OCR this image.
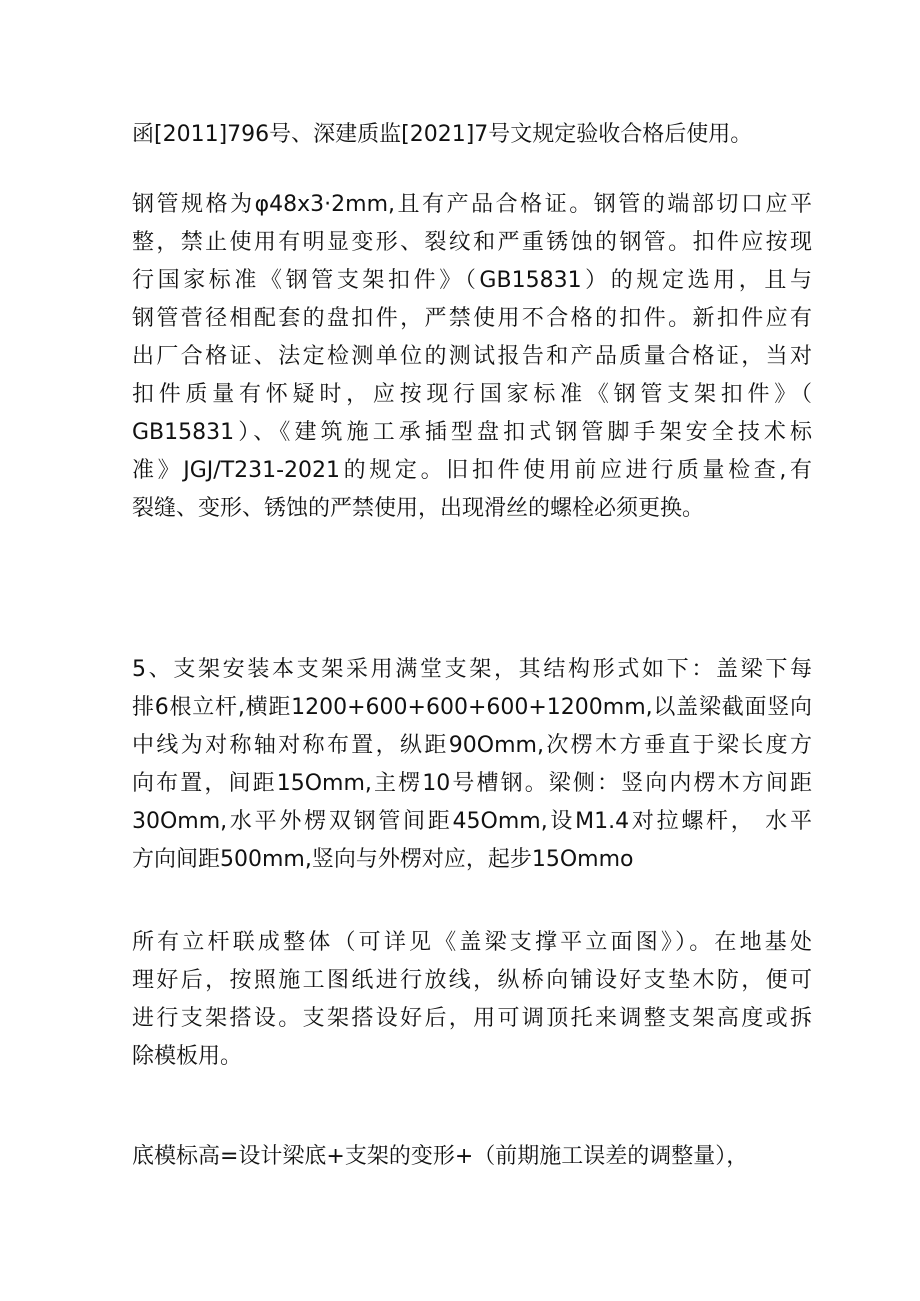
函[2011]796号、深建质监[2021]7号文规定验收合格后使用。
钢管规格为φ48x3·2mm,且有产品合格证。钢管的端部切口应平
整，禁止使用有明显变形、裂纹和严重锈蚀的钢管。扣件应按现
行国家标准《钢管支架扣件》（GB15831）的规定选用，且与
钢管菅径相配套的盘扣件，严禁使用不合格的扣件。新扣件应有
出厂合格证、法定检测单位的测试报告和产品质量合格证，当对
扣件质量有怀疑时，应按现行国家标准《钢管支架扣件》（
GB15831）、《建筑施工承插型盘扣式钢管脚手架安全技术标
准》JGJ/T231-2021的规定。旧扣件使用前应进行质量检查,有
裂缝、变形、锈蚀的严禁使用，出现滑丝的螺栓必须更换。
5、支架安装本支架采用满堂支架，其结构形式如下：盖梁下每
排6根立杆,横距1200+600+600+600+1200mm,以盖梁截面竖向
中线为对称轴对称布置，纵距90Omm,次楞木方垂直于梁长度方
向布置，间距15Omm,主楞10号槽钢。梁侧：竖向内楞木方间距
30Omm,水平外楞双钢管间距45Omm,设M1.4对拉螺杆， 水平
方向间距500mm,竖向与外楞对应，起步15Ommo
所有立杆联成整体（可详见《盖梁支撑平立面图》）。在地基处
理好后，按照施工图纸进行放线，纵桥向铺设好支垫木防，便可
进行支架搭设。支架搭设好后，用可调顶托来调整支架高度或拆
除模板用。
底模标高=设计梁底+支架的变形+（前期施工误差的调整量），
